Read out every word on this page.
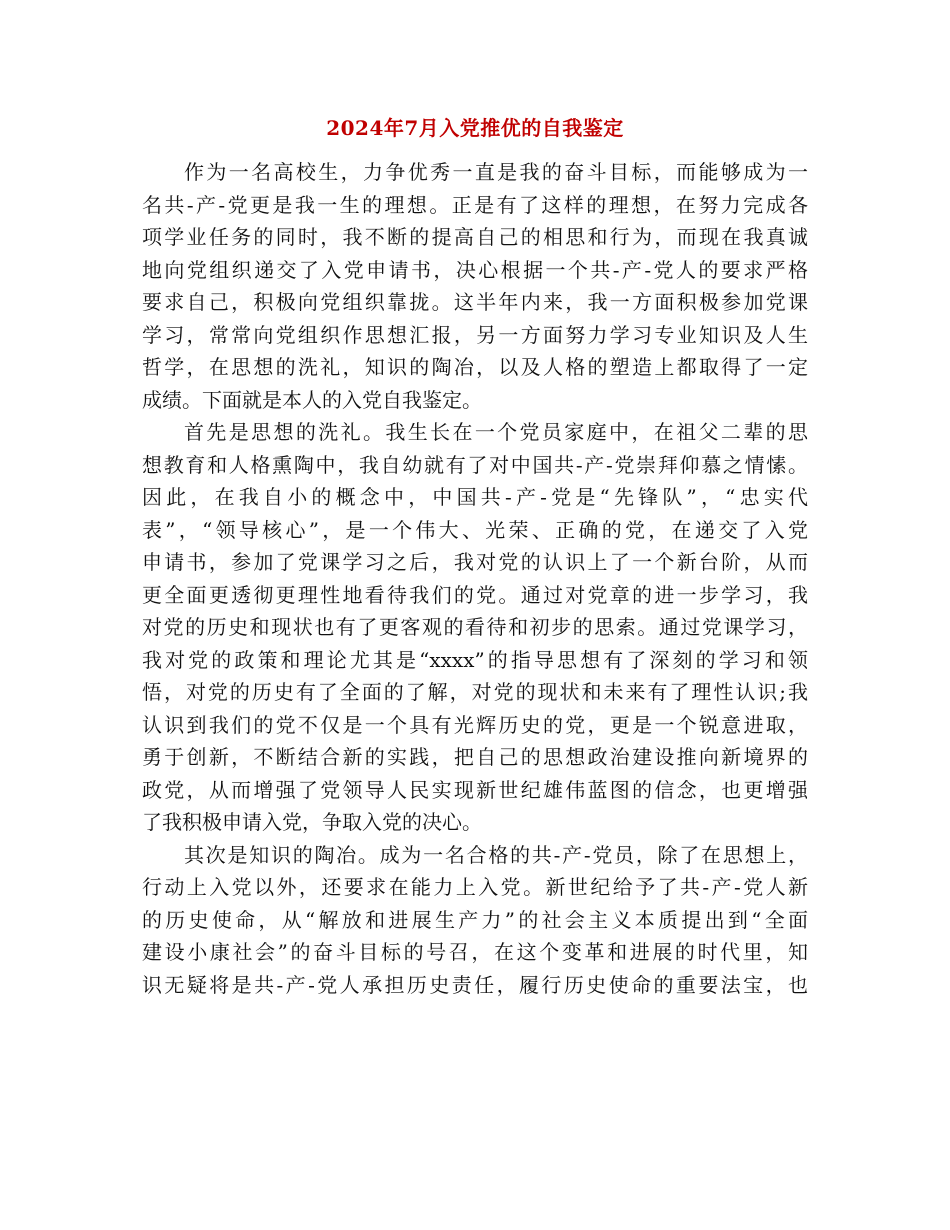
2024年7月入党推优的自我鉴定
作为一名高校生，力争优秀一直是我的奋斗目标，而能够成为一
名共-产-党更是我一生的理想。正是有了这样的理想，在努力完成各
项学业任务的同时，我不断的提高自己的相思和行为，而现在我真诚
地向党组织递交了入党申请书，决心根据一个共-产-党人的要求严格
要求自己，积极向党组织靠拢。这半年内来，我一方面积极参加党课
学习，常常向党组织作思想汇报，另一方面努力学习专业知识及人生
哲学，在思想的洗礼，知识的陶冶，以及人格的塑造上都取得了一定
成绩。下面就是本人的入党自我鉴定。
首先是思想的洗礼。我生长在一个党员家庭中，在祖父二辈的思
想教育和人格熏陶中，我自幼就有了对中国共-产-党崇拜仰慕之情愫。
因此，在我自小的概念中，中国共-产-党是“先锋队”，“忠实代
表”，“领导核心”，是一个伟大、光荣、正确的党，在递交了入党
申请书，参加了党课学习之后，我对党的认识上了一个新台阶，从而
更全面更透彻更理性地看待我们的党。通过对党章的进一步学习，我
对党的历史和现状也有了更客观的看待和初步的思索。通过党课学习，
我对党的政策和理论尤其是“xxxx”的指导思想有了深刻的学习和领
悟，对党的历史有了全面的了解，对党的现状和未来有了理性认识;我
认识到我们的党不仅是一个具有光辉历史的党，更是一个锐意进取，
勇于创新，不断结合新的实践，把自己的思想政治建设推向新境界的
政党，从而增强了党领导人民实现新世纪雄伟蓝图的信念，也更增强
了我积极申请入党，争取入党的决心。
其次是知识的陶冶。成为一名合格的共-产-党员，除了在思想上，
行动上入党以外，还要求在能力上入党。新世纪给予了共-产-党人新
的历史使命，从“解放和进展生产力”的社会主义本质提出到“全面
建设小康社会”的奋斗目标的号召，在这个变革和进展的时代里，知
识无疑将是共-产-党人承担历史责任，履行历史使命的重要法宝，也
